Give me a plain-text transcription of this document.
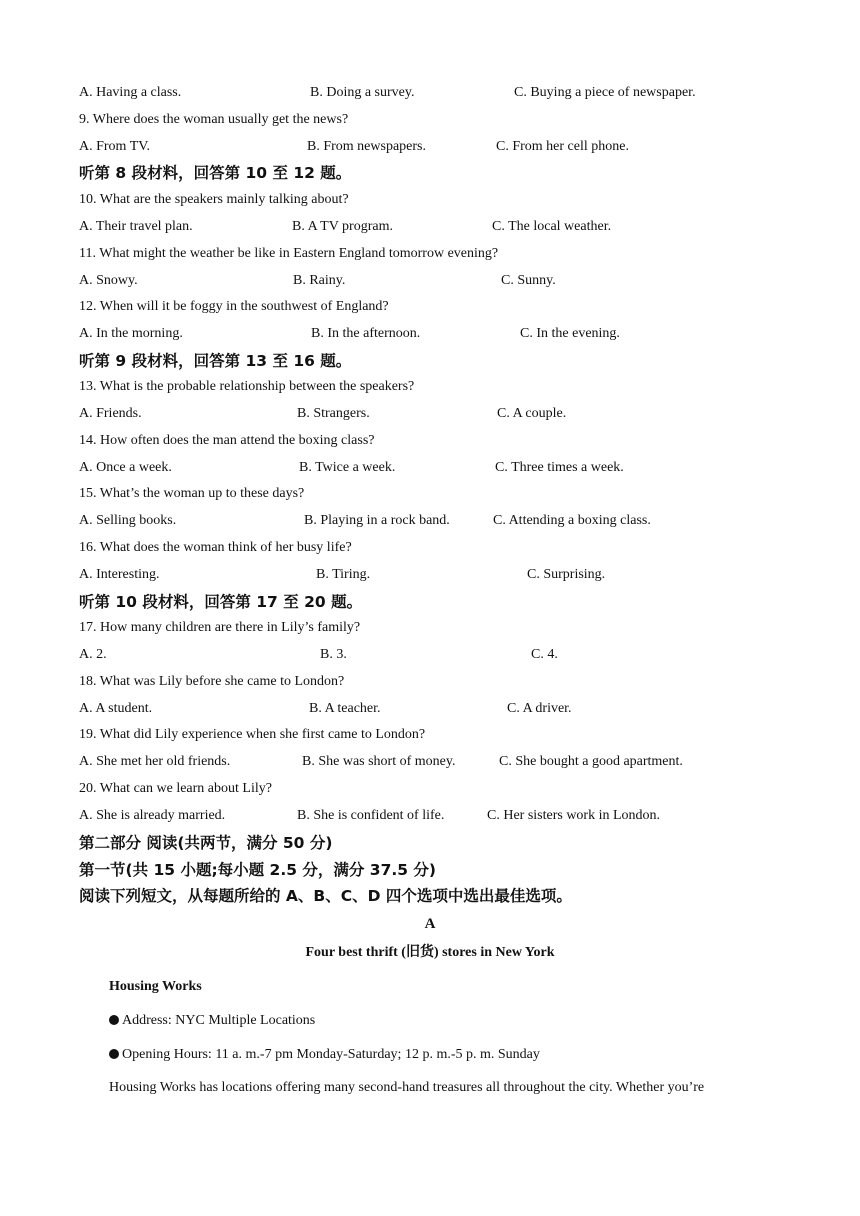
A. Having a class.	B. Doing a survey.	C. Buying a piece of newspaper.
9. Where does the woman usually get the news?
A. From TV.	B. From newspapers.	C. From her cell phone.
听第 8 段材料，回答第 10 至 12 题。
10. What are the speakers mainly talking about?
A. Their travel plan.	B. A TV program.	C. The local weather.
11. What might the weather be like in Eastern England tomorrow evening?
A. Snowy.	B. Rainy.	C. Sunny.
12. When will it be foggy in the southwest of England?
A. In the morning.	B. In the afternoon.	C. In the evening.
听第 9 段材料，回答第 13 至 16 题。
13. What is the probable relationship between the speakers?
A. Friends.	B. Strangers.	C. A couple.
14. How often does the man attend the boxing class?
A. Once a week.	B. Twice a week.	C. Three times a week.
15. What’s the woman up to these days?
A. Selling books.	B. Playing in a rock band.	C. Attending a boxing class.
16. What does the woman think of her busy life?
A. Interesting.	B. Tiring.	C. Surprising.
听第 10 段材料，回答第 17 至 20 题。
17. How many children are there in Lily’s family?
A. 2.	B. 3.	C. 4.
18. What was Lily before she came to London?
A. A student.	B. A teacher.	C. A driver.
19. What did Lily experience when she first came to London?
A. She met her old friends.	B. She was short of money.	C. She bought a good apartment.
20. What can we learn about Lily?
A. She is already married.	B. She is confident of life.	C. Her sisters work in London.
第二部分 阅读(共两节，满分 50 分)
第一节(共 15 小题;每小题 2.5 分，满分 37.5 分)
阅读下列短文，从每题所给的 A、B、C、D 四个选项中选出最佳选项。
A
Four best thrift (旧货) stores in New York
Housing Works
Address: NYC Multiple Locations
Opening Hours: 11 a. m.-7 pm Monday-Saturday; 12 p. m.-5 p. m. Sunday
Housing Works has locations offering many second-hand treasures all throughout the city. Whether you’re
